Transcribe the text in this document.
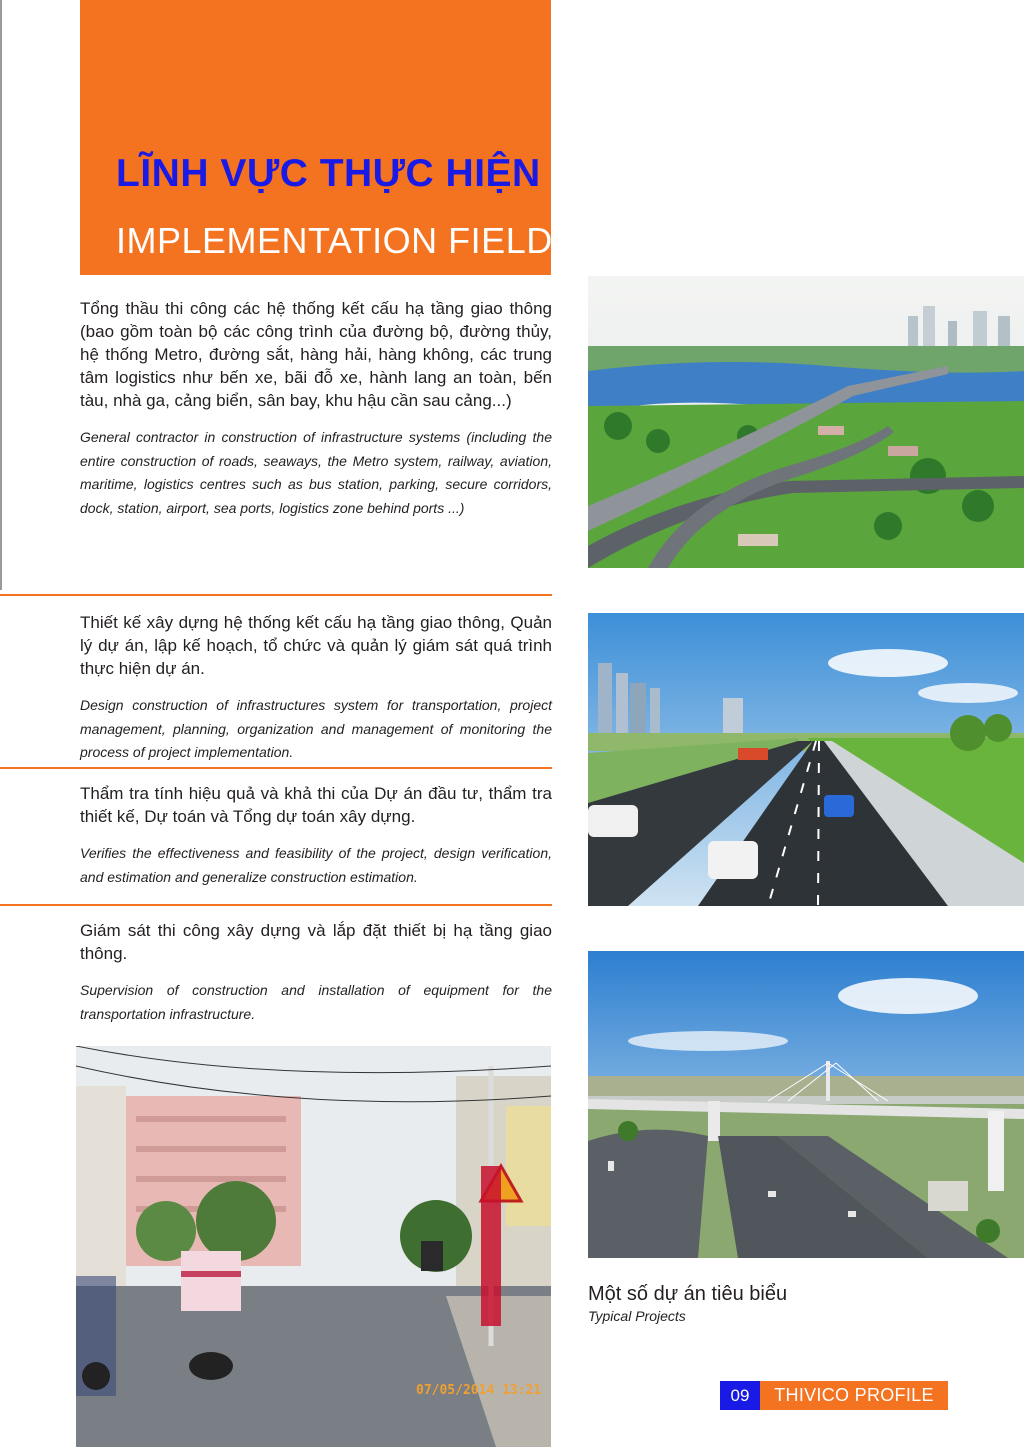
LĨNH VỰC THỰC HIỆN
IMPLEMENTATION FIELD

Tổng thầu thi công các hệ thống kết cấu hạ tầng giao thông (bao gồm toàn bộ các công trình của đường bộ, đường thủy, hệ thống Metro, đường sắt, hàng hải, hàng không, các trung tâm logistics như bến xe, bãi đỗ xe, hành lang an toàn, bến tàu, nhà ga, cảng biển, sân bay, khu hậu cần sau cảng...)

General contractor in construction of infrastructure systems (including the entire construction of roads, seaways, the Metro system, railway, aviation, maritime, logistics centres such as bus station, parking, secure corridors, dock, station, airport, sea ports, logistics zone behind ports ...)

Thiết kế xây dựng hệ thống kết cấu hạ tầng giao thông, Quản lý dự án, lập kế hoạch, tổ chức và quản lý giám sát quá trình thực hiện dự án.

Design construction of infrastructures system for transportation, project management, planning, organization and management of monitoring the process of project implementation.

Thẩm tra tính hiệu quả và khả thi của Dự án đầu tư, thẩm tra thiết kế, Dự toán và Tổng dự toán xây dựng.

Verifies the effectiveness and feasibility of the project, design verification, and estimation and generalize construction estimation.

Giám sát thi công xây dựng và lắp đặt thiết bị hạ tầng giao thông.

Supervision of construction and installation of equipment for the transportation infrastructure.

07/05/2014 13:21
Một số dự án tiêu biểu
Typical Projects
09	THIVICO PROFILE
